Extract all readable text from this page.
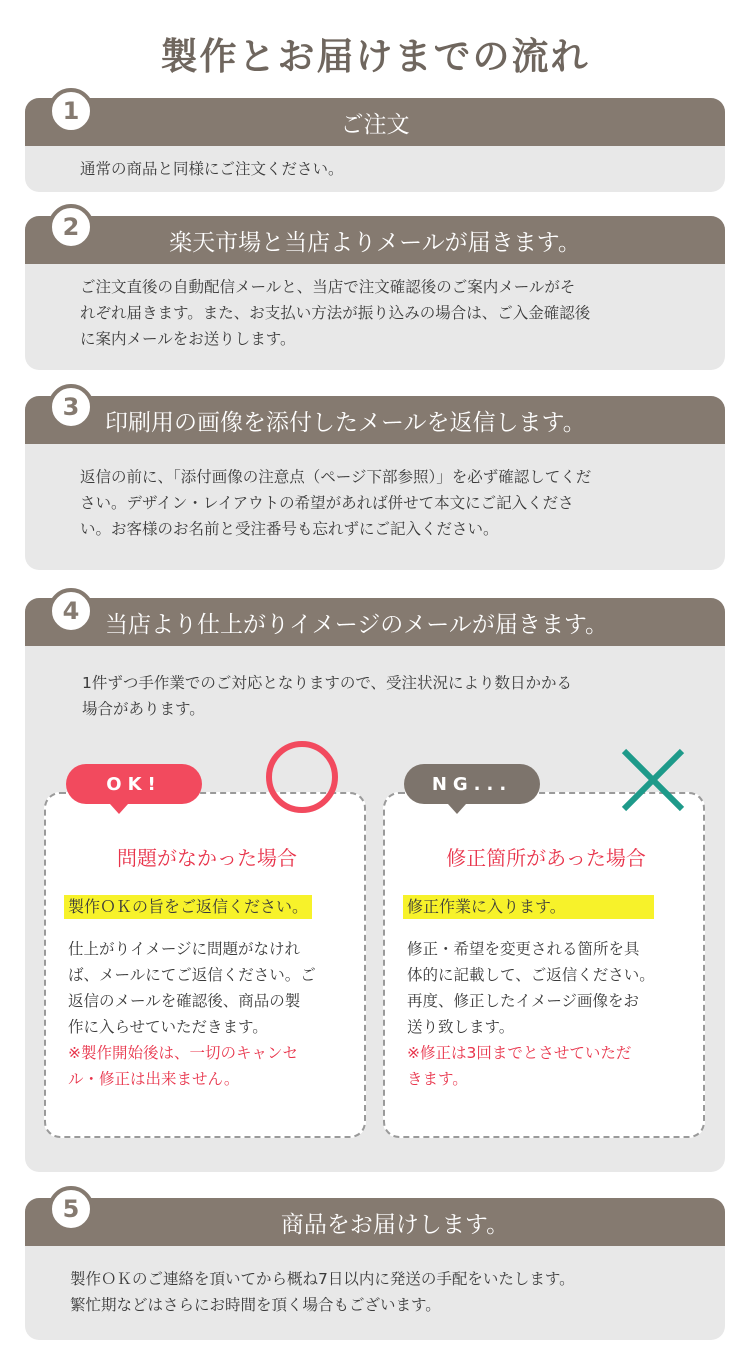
製作とお届けまでの流れ
ご注文
通常の商品と同様にご注文ください。
1
楽天市場と当店よりメールが届きます。
ご注文直後の自動配信メールと、当店で注文確認後のご案内メールがそ
れぞれ届きます。また、お支払い方法が振り込みの場合は、ご入金確認後
に案内メールをお送りします。
2
印刷用の画像を添付したメールを返信します。
返信の前に、「添付画像の注意点（ページ下部参照）」を必ず確認してくだ
さい。デザイン・レイアウトの希望があれば併せて本文にご記入くださ
い。お客様のお名前と受注番号も忘れずにご記入ください。
3
当店より仕上がりイメージのメールが届きます。
1件ずつ手作業でのご対応となりますので、受注状況により数日かかる
場合があります。
4
問題がなかった場合
製作ＯＫの旨をご返信ください。
仕上がりイメージに問題がなけれ
ば、メールにてご返信ください。ご
返信のメールを確認後、商品の製
作に入らせていただきます。
※製作開始後は、一切のキャンセ
ル・修正は出来ません。
OK!
修正箇所があった場合
修正作業に入ります。
修正・希望を変更される箇所を具
体的に記載して、ご返信ください。
再度、修正したイメージ画像をお
送り致します。
※修正は3回までとさせていただ
きます。
NG...
商品をお届けします。
製作ＯＫのご連絡を頂いてから概ね7日以内に発送の手配をいたします。
繁忙期などはさらにお時間を頂く場合もございます。
5
